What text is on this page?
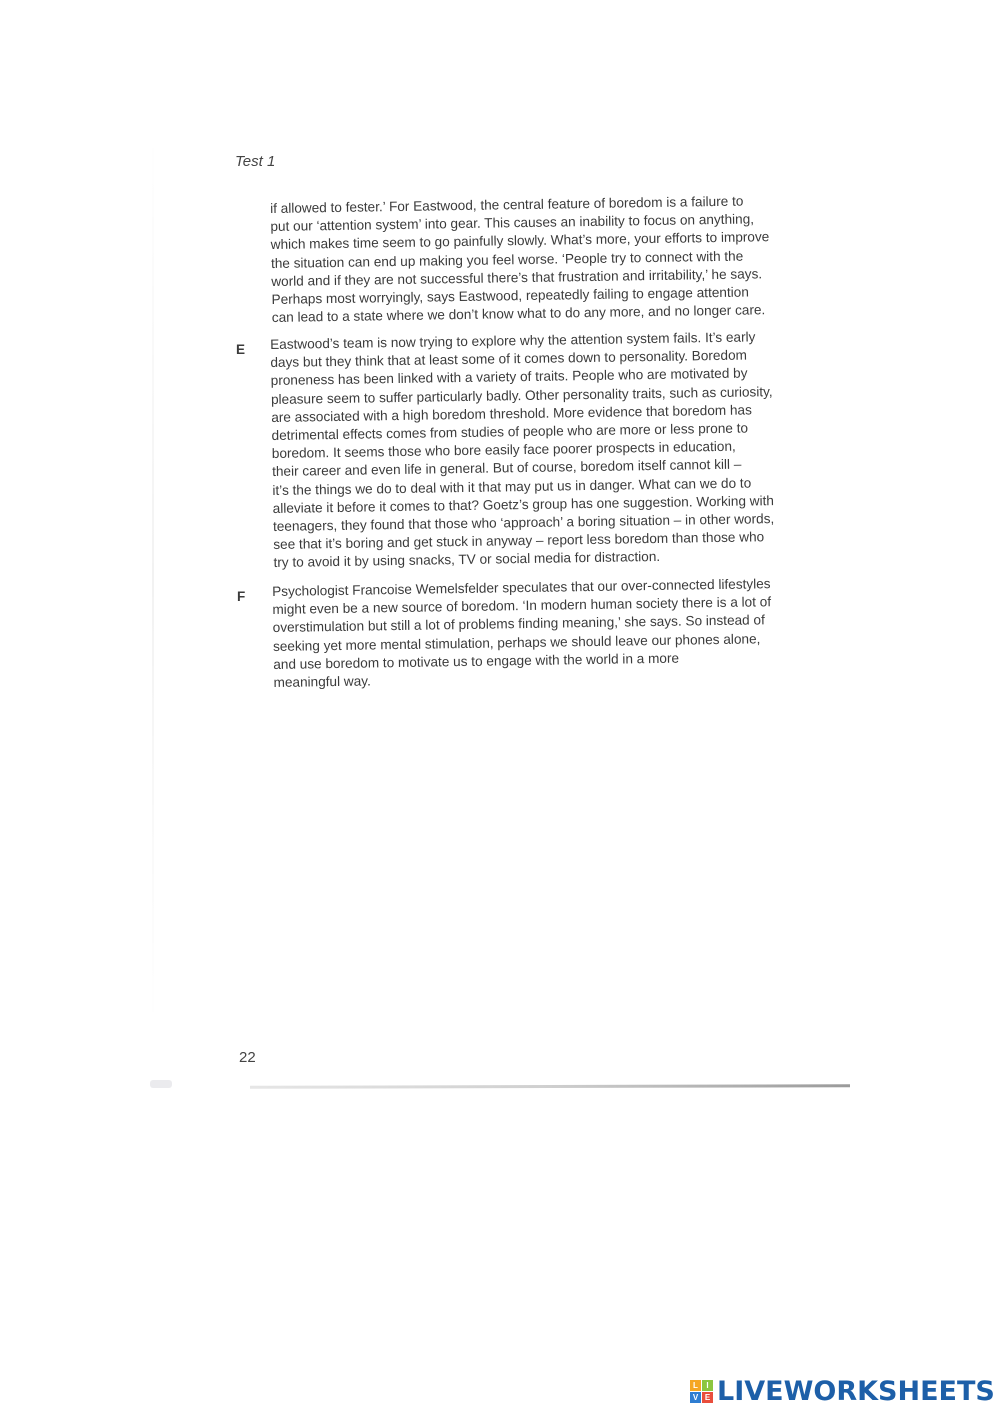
Test 1
if allowed to fester.’ For Eastwood, the central feature of boredom is a failure to
put our ‘attention system’ into gear. This causes an inability to focus on anything,
which makes time seem to go painfully slowly. What’s more, your efforts to improve
the situation can end up making you feel worse. ‘People try to connect with the
world and if they are not successful there’s that frustration and irritability,’ he says.
Perhaps most worryingly, says Eastwood, repeatedly failing to engage attention
can lead to a state where we don’t know what to do any more, and no longer care.
E Eastwood’s team is now trying to explore why the attention system fails. It’s early
days but they think that at least some of it comes down to personality. Boredom
proneness has been linked with a variety of traits. People who are motivated by
pleasure seem to suffer particularly badly. Other personality traits, such as curiosity,
are associated with a high boredom threshold. More evidence that boredom has
detrimental effects comes from studies of people who are more or less prone to
boredom. It seems those who bore easily face poorer prospects in education,
their career and even life in general. But of course, boredom itself cannot kill –
it’s the things we do to deal with it that may put us in danger. What can we do to
alleviate it before it comes to that? Goetz’s group has one suggestion. Working with
teenagers, they found that those who ‘approach’ a boring situation – in other words,
see that it’s boring and get stuck in anyway – report less boredom than those who
try to avoid it by using snacks, TV or social media for distraction.
F Psychologist Francoise Wemelsfelder speculates that our over-connected lifestyles
might even be a new source of boredom. ‘In modern human society there is a lot of
overstimulation but still a lot of problems finding meaning,’ she says. So instead of
seeking yet more mental stimulation, perhaps we should leave our phones alone,
and use boredom to motivate us to engage with the world in a more
meaningful way.
22
L	I
V E LIVEWORKSHEETS
